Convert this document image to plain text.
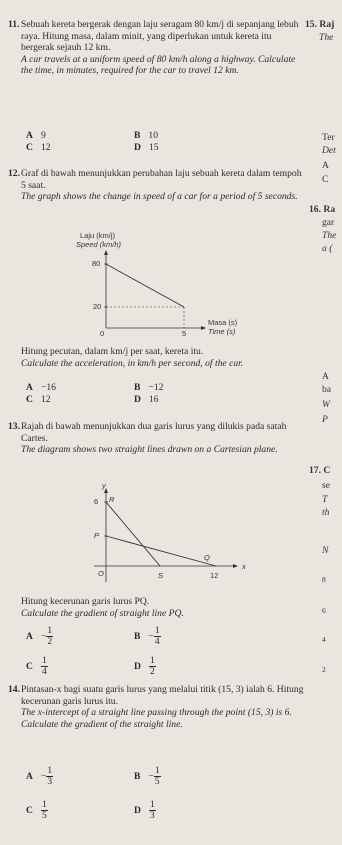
11. Sebuah kereta bergerak dengan laju seragam 80 km/j di sepanjang lebuh raya. Hitung masa, dalam minit, yang diperlukan untuk kereta itu bergerak sejauh 12 km.
A car travels at a uniform speed of 80 km/h along a highway. Calculate the time, in minutes, required for the car to travel 12 km.
A 9	B 10
C 12	D 15
12. Graf di bawah menunjukkan perubahan laju sebuah kereta dalam tempoh 5 saat.
The graph shows the change in speed of a car for a period of 5 seconds.
Laju (km/j)
Speed (km/h)
80
20
0	5
Masa (s)
Time (s)
Hitung pecutan, dalam km/j per saat, kereta itu.
Calculate the acceleration, in km/h per second, of the car.
A −16	B −12
C 12	D 16
13. Rajah di bawah menunjukkan dua garis lurus yang dilukis pada satah Cartes.
The diagram shows two straight lines drawn on a Cartesian plane.
y
x
O
6 R
P
Q
S	12
Hitung kecerunan garis lurus PQ.
Calculate the gradient of straight line PQ.
$A - \frac{1}{2}$	$B - \frac{1}{4}$
C $\frac{1}{4}$	D $\frac{1}{2}$
14. Pintasan-x bagi suatu garis lurus yang melalui titik (15, 3) ialah 6. Hitung kecerunan garis lurus itu.
The x-intercept of a straight line passing through the point (15, 3) is 6. Calculate the gradient of the straight line.
$A - \frac{1}{3}$	$B - \frac{1}{5}$
C $\frac{1}{5}$	D $\frac{1}{3}$
15. Raj
The
Ter
Det
A
C
16. Ra
gar
The
a (
A
ba
W
P
17. C
se
T
th
N
8
6
4
2
